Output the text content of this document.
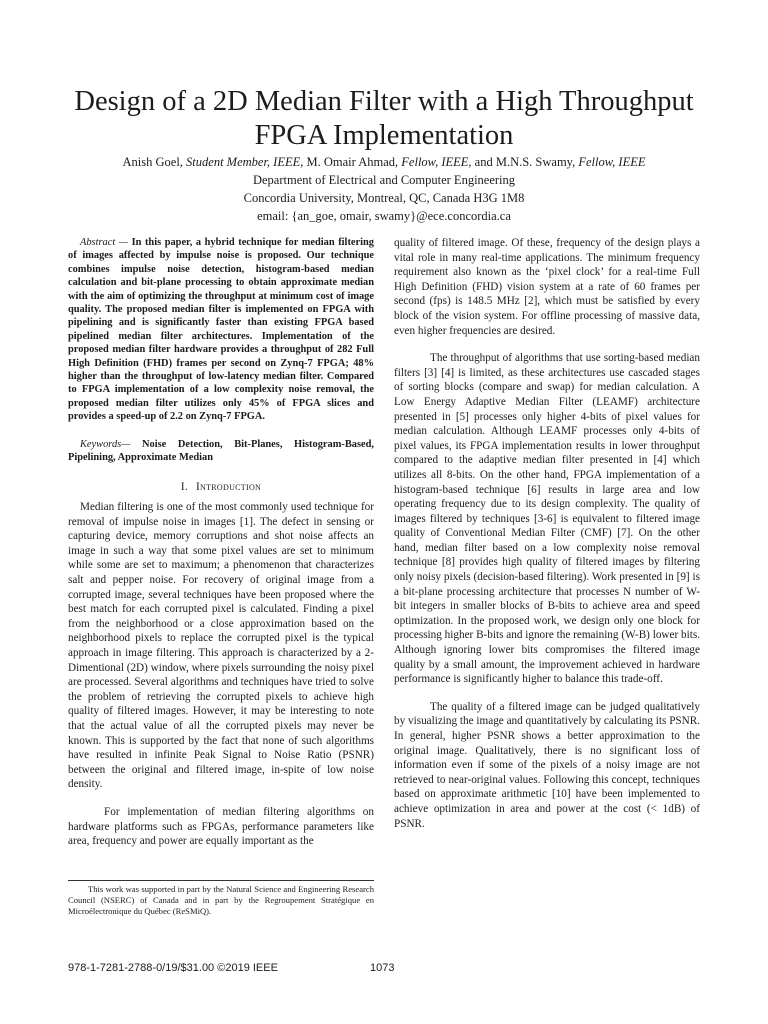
Design of a 2D Median Filter with a High Throughput
FPGA Implementation
Anish Goel, Student Member, IEEE, M. Omair Ahmad, Fellow, IEEE, and M.N.S. Swamy, Fellow, IEEE
Department of Electrical and Computer Engineering
Concordia University, Montreal, QC, Canada H3G 1M8
email: {an_goe, omair, swamy}@ece.concordia.ca

Abstract — In this paper, a hybrid technique for median filtering of images affected by impulse noise is proposed. Our technique combines impulse noise detection, histogram-based median calculation and bit-plane processing to obtain approximate median with the aim of optimizing the throughput at minimum cost of image quality. The proposed median filter is implemented on FPGA with pipelining and is significantly faster than existing FPGA based pipelined median filter architectures. Implementation of the proposed median filter hardware provides a throughput of 282 Full High Definition (FHD) frames per second on Zynq-7 FPGA; 48% higher than the throughput of low-latency median filter. Compared to FPGA implementation of a low complexity noise removal, the proposed median filter utilizes only 45% of FPGA slices and provides a speed-up of 2.2 on Zynq-7 FPGA.

Keywords— Noise Detection, Bit-Planes, Histogram-Based, Pipelining, Approximate Median

I. Introduction

Median filtering is one of the most commonly used technique for removal of impulse noise in images [1]. The defect in sensing or capturing device, memory corruptions and shot noise affects an image in such a way that some pixel values are set to minimum while some are set to maximum; a phenomenon that characterizes salt and pepper noise. For recovery of original image from a corrupted image, several techniques have been proposed where the best match for each corrupted pixel is calculated. Finding a pixel from the neighborhood or a close approximation based on the neighborhood pixels to replace the corrupted pixel is the typical approach in image filtering. This approach is characterized by a 2-Dimentional (2D) window, where pixels surrounding the noisy pixel are processed. Several algorithms and techniques have tried to solve the problem of retrieving the corrupted pixels to achieve high quality of filtered images. However, it may be interesting to note that the actual value of all the corrupted pixels may never be known. This is supported by the fact that none of such algorithms have resulted in infinite Peak Signal to Noise Ratio (PSNR) between the original and filtered image, in-spite of low noise density.

For implementation of median filtering algorithms on hardware platforms such as FPGAs, performance parameters like area, frequency and power are equally important as the

quality of filtered image. Of these, frequency of the design plays a vital role in many real-time applications. The minimum frequency requirement also known as the ‘pixel clock’ for a real-time Full High Definition (FHD) vision system at a rate of 60 frames per second (fps) is 148.5 MHz [2], which must be satisfied by every block of the vision system. For offline processing of massive data, even higher frequencies are desired.

The throughput of algorithms that use sorting-based median filters [3] [4] is limited, as these architectures use cascaded stages of sorting blocks (compare and swap) for median calculation. A Low Energy Adaptive Median Filter (LEAMF) architecture presented in [5] processes only higher 4-bits of pixel values for median calculation. Although LEAMF processes only 4-bits of pixel values, its FPGA implementation results in lower throughput compared to the adaptive median filter presented in [4] which utilizes all 8-bits. On the other hand, FPGA implementation of a histogram-based technique [6] results in large area and low operating frequency due to its design complexity. The quality of images filtered by techniques [3-6] is equivalent to filtered image quality of Conventional Median Filter (CMF) [7]. On the other hand, median filter based on a low complexity noise removal technique [8] provides high quality of filtered images by filtering only noisy pixels (decision-based filtering). Work presented in [9] is a bit-plane processing architecture that processes N number of W-bit integers in smaller blocks of B-bits to achieve area and speed optimization. In the proposed work, we design only one block for processing higher B-bits and ignore the remaining (W-B) lower bits. Although ignoring lower bits compromises the filtered image quality by a small amount, the improvement achieved in hardware performance is significantly higher to balance this trade-off.

The quality of a filtered image can be judged qualitatively by visualizing the image and quantitatively by calculating its PSNR. In general, higher PSNR shows a better approximation to the original image. Qualitatively, there is no significant loss of information even if some of the pixels of a noisy image are not retrieved to near-original values. Following this concept, techniques based on approximate arithmetic [10] have been implemented to achieve optimization in area and power at the cost (< 1dB) of PSNR.

This work was supported in part by the Natural Science and Engineering Research Council (NSERC) of Canada and in part by the Regroupement Stratégique en Microélectronique du Québec (ReSMiQ).

978-1-7281-2788-0/19/$31.00 ©2019 IEEE	1073
